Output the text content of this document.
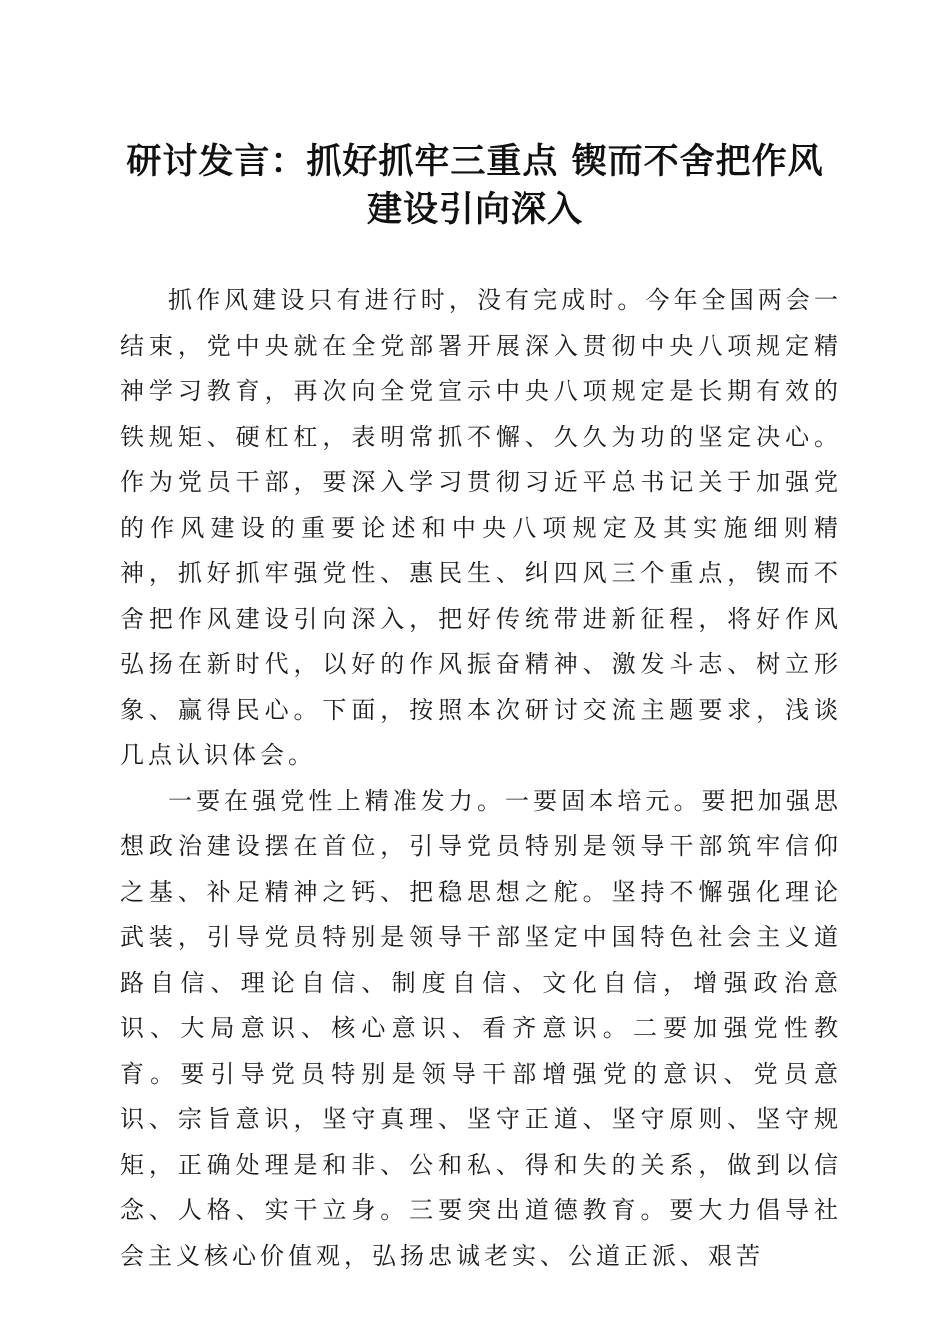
研讨发言：抓好抓牢三重点 锲而不舍把作风
建设引向深入

抓作风建设只有进行时，没有完成时。今年全国两会一结束，党中央就在全党部署开展深入贯彻中央八项规定精神学习教育，再次向全党宣示中央八项规定是长期有效的铁规矩、硬杠杠，表明常抓不懈、久久为功的坚定决心。作为党员干部，要深入学习贯彻习近平总书记关于加强党的作风建设的重要论述和中央八项规定及其实施细则精神，抓好抓牢强党性、惠民生、纠四风三个重点，锲而不舍把作风建设引向深入，把好传统带进新征程，将好作风弘扬在新时代，以好的作风振奋精神、激发斗志、树立形象、赢得民心。下面，按照本次研讨交流主题要求，浅谈几点认识体会。

一要在强党性上精准发力。一要固本培元。要把加强思想政治建设摆在首位，引导党员特别是领导干部筑牢信仰之基、补足精神之钙、把稳思想之舵。坚持不懈强化理论武装，引导党员特别是领导干部坚定中国特色社会主义道路自信、理论自信、制度自信、文化自信，增强政治意识、大局意识、核心意识、看齐意识。二要加强党性教育。要引导党员特别是领导干部增强党的意识、党员意识、宗旨意识，坚守真理、坚守正道、坚守原则、坚守规矩，正确处理是和非、公和私、得和失的关系，做到以信念、人格、实干立身。三要突出道德教育。要大力倡导社会主义核心价值观，弘扬忠诚老实、公道正派、艰苦
